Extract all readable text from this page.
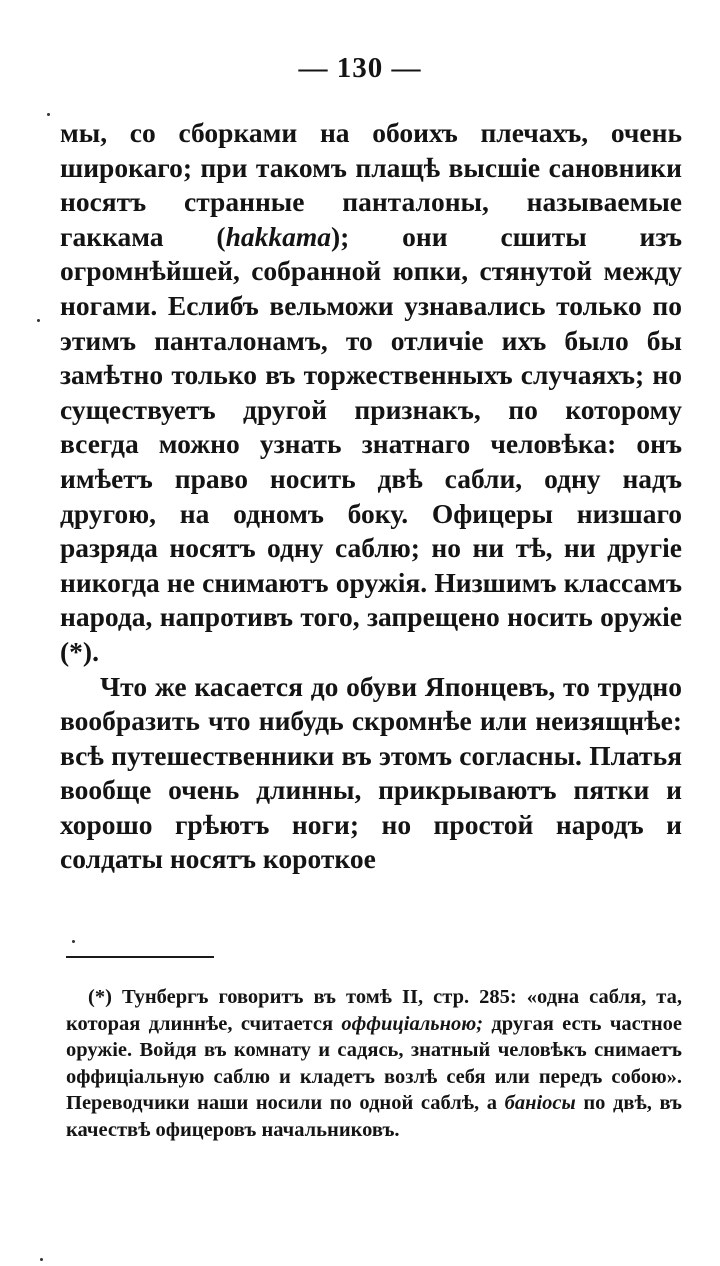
— 130 —

мы, со сборками на обоихъ плечахъ, очень широкаго; при такомъ плащѣ высшіе сановники носятъ странные панталоны, называемые гаккама (hakkama); они сшиты изъ огромнѣйшей, собранной юпки, стянутой между ногами. Еслибъ вельможи узнавались только по этимъ панталонамъ, то отличіе ихъ было бы замѣтно только въ торжественныхъ случаяхъ; но существуетъ другой признакъ, по которому всегда можно узнать знатнаго человѣка: онъ имѣетъ право носить двѣ сабли, одну надъ другою, на одномъ боку. Офицеры низшаго разряда носятъ одну саблю; но ни тѣ, ни другіе никогда не снимаютъ оружія. Низшимъ классамъ народа, напротивъ того, запрещено носить оружіе (*).

Что же касается до обуви Японцевъ, то трудно вообразить что нибудь скромнѣе или неизящнѣе: всѣ путешественники въ этомъ согласны. Платья вообще очень длинны, прикрываютъ пятки и хорошо грѣютъ ноги; но простой народъ и солдаты носятъ короткое

(*) Тунбергъ говоритъ въ томѣ II, стр. 285: «одна сабля, та, которая длиннѣе, считается оффиціальною; другая есть частное оружіе. Войдя въ комнату и садясь, знатный человѣкъ снимаетъ оффиціальную саблю и кладетъ возлѣ себя или передъ собою». Переводчики наши носили по одной саблѣ, а баніосы по двѣ, въ качествѣ офицеровъ начальниковъ.
